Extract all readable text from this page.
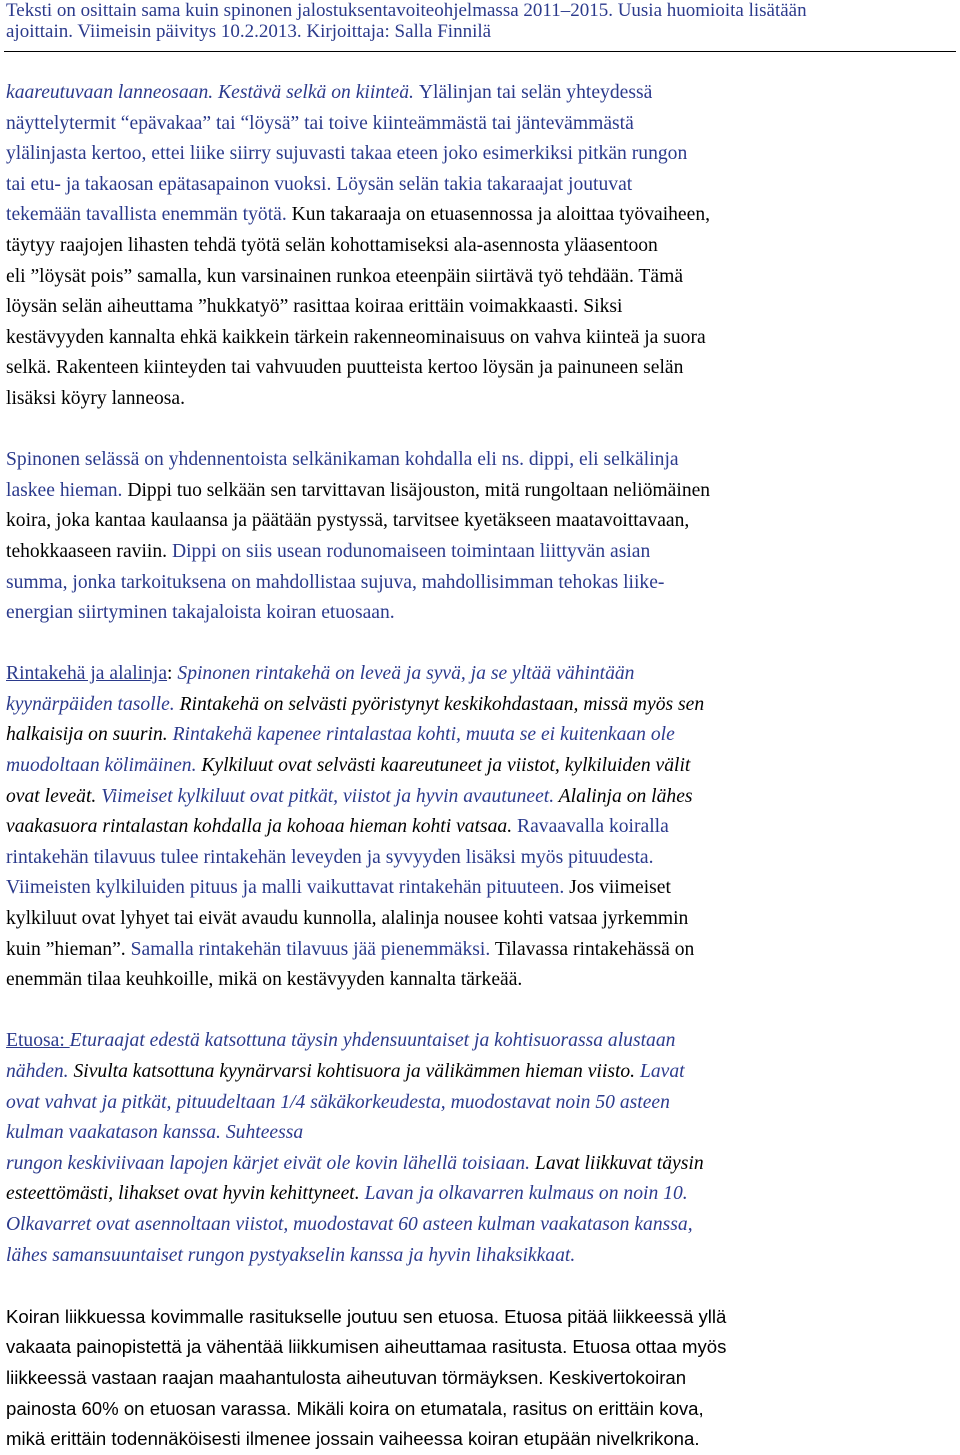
Teksti on osittain sama kuin spinonen jalostuksentavoiteohjelmassa 2011–2015. Uusia huomioita lisätään
ajoittain. Viimeisin päivitys 10.2.2013. Kirjoittaja: Salla Finnilä

kaareutuvaan lanneosaan. Kestävä selkä on kiinteä. Ylälinjan tai selän yhteydessä
näyttelytermit “epävakaa” tai “löysä” tai toive kiinteämmästä tai jäntevämmästä
ylälinjasta kertoo, ettei liike siirry sujuvasti takaa eteen joko esimerkiksi pitkän rungon
tai etu- ja takaosan epätasapainon vuoksi. Löysän selän takia takaraajat joutuvat
tekemään tavallista enemmän työtä. Kun takaraaja on etuasennossa ja aloittaa työvaiheen,
täytyy raajojen lihasten tehdä työtä selän kohottamiseksi ala-asennosta yläasentoon
eli ”löysät pois” samalla, kun varsinainen runkoa eteenpäin siirtävä työ tehdään. Tämä
löysän selän aiheuttama ”hukkatyö” rasittaa koiraa erittäin voimakkaasti. Siksi
kestävyyden kannalta ehkä kaikkein tärkein rakenneominaisuus on vahva kiinteä ja suora
selkä. Rakenteen kiinteyden tai vahvuuden puutteista kertoo löysän ja painuneen selän
lisäksi köyry lanneosa.

Spinonen selässä on yhdennentoista selkänikaman kohdalla eli ns. dippi, eli selkälinja
laskee hieman. Dippi tuo selkään sen tarvittavan lisäjouston, mitä rungoltaan neliömäinen
koira, joka kantaa kaulaansa ja päätään pystyssä, tarvitsee kyetäkseen maatavoittavaan,
tehokkaaseen raviin. Dippi on siis usean rodunomaiseen toimintaan liittyvän asian
summa, jonka tarkoituksena on mahdollistaa sujuva, mahdollisimman tehokas liike-
energian siirtyminen takajaloista koiran etuosaan.

Rintakehä ja alalinja: Spinonen rintakehä on leveä ja syvä, ja se yltää vähintään
kyynärpäiden tasolle. Rintakehä on selvästi pyöristynyt keskikohdastaan, missä myös sen
halkaisija on suurin. Rintakehä kapenee rintalastaa kohti, muuta se ei kuitenkaan ole
muodoltaan kölimäinen. Kylkiluut ovat selvästi kaareutuneet ja viistot, kylkiluiden välit
ovat leveät. Viimeiset kylkiluut ovat pitkät, viistot ja hyvin avautuneet. Alalinja on lähes
vaakasuora rintalastan kohdalla ja kohoaa hieman kohti vatsaa. Ravaavalla koiralla
rintakehän tilavuus tulee rintakehän leveyden ja syvyyden lisäksi myös pituudesta.
Viimeisten kylkiluiden pituus ja malli vaikuttavat rintakehän pituuteen. Jos viimeiset
kylkiluut ovat lyhyet tai eivät avaudu kunnolla, alalinja nousee kohti vatsaa jyrkemmin
kuin ”hieman”. Samalla rintakehän tilavuus jää pienemmäksi. Tilavassa rintakehässä on
enemmän tilaa keuhkoille, mikä on kestävyyden kannalta tärkeää.

Etuosa: Eturaajat edestä katsottuna täysin yhdensuuntaiset ja kohtisuorassa alustaan
nähden. Sivulta katsottuna kyynärvarsi kohtisuora ja välikämmen hieman viisto. Lavat
ovat vahvat ja pitkät, pituudeltaan 1/4 säkäkorkeudesta, muodostavat noin 50 asteen
kulman vaakatason kanssa. Suhteessa
rungon keskiviivaan lapojen kärjet eivät ole kovin lähellä toisiaan. Lavat liikkuvat täysin
esteettömästi, lihakset ovat hyvin kehittyneet. Lavan ja olkavarren kulmaus on noin 10.
Olkavarret ovat asennoltaan viistot, muodostavat 60 asteen kulman vaakatason kanssa,
lähes samansuuntaiset rungon pystyakselin kanssa ja hyvin lihaksikkaat.

Koiran liikkuessa kovimmalle rasitukselle joutuu sen etuosa. Etuosa pitää liikkeessä yllä
vakaata painopistettä ja vähentää liikkumisen aiheuttamaa rasitusta. Etuosa ottaa myös
liikkeessä vastaan raajan maahantulosta aiheutuvan törmäyksen. Keskivertokoiran
painosta 60% on etuosan varassa. Mikäli koira on etumatala, rasitus on erittäin kova,
mikä erittäin todennäköisesti ilmenee jossain vaiheessa koiran etupään nivelkrikona.
